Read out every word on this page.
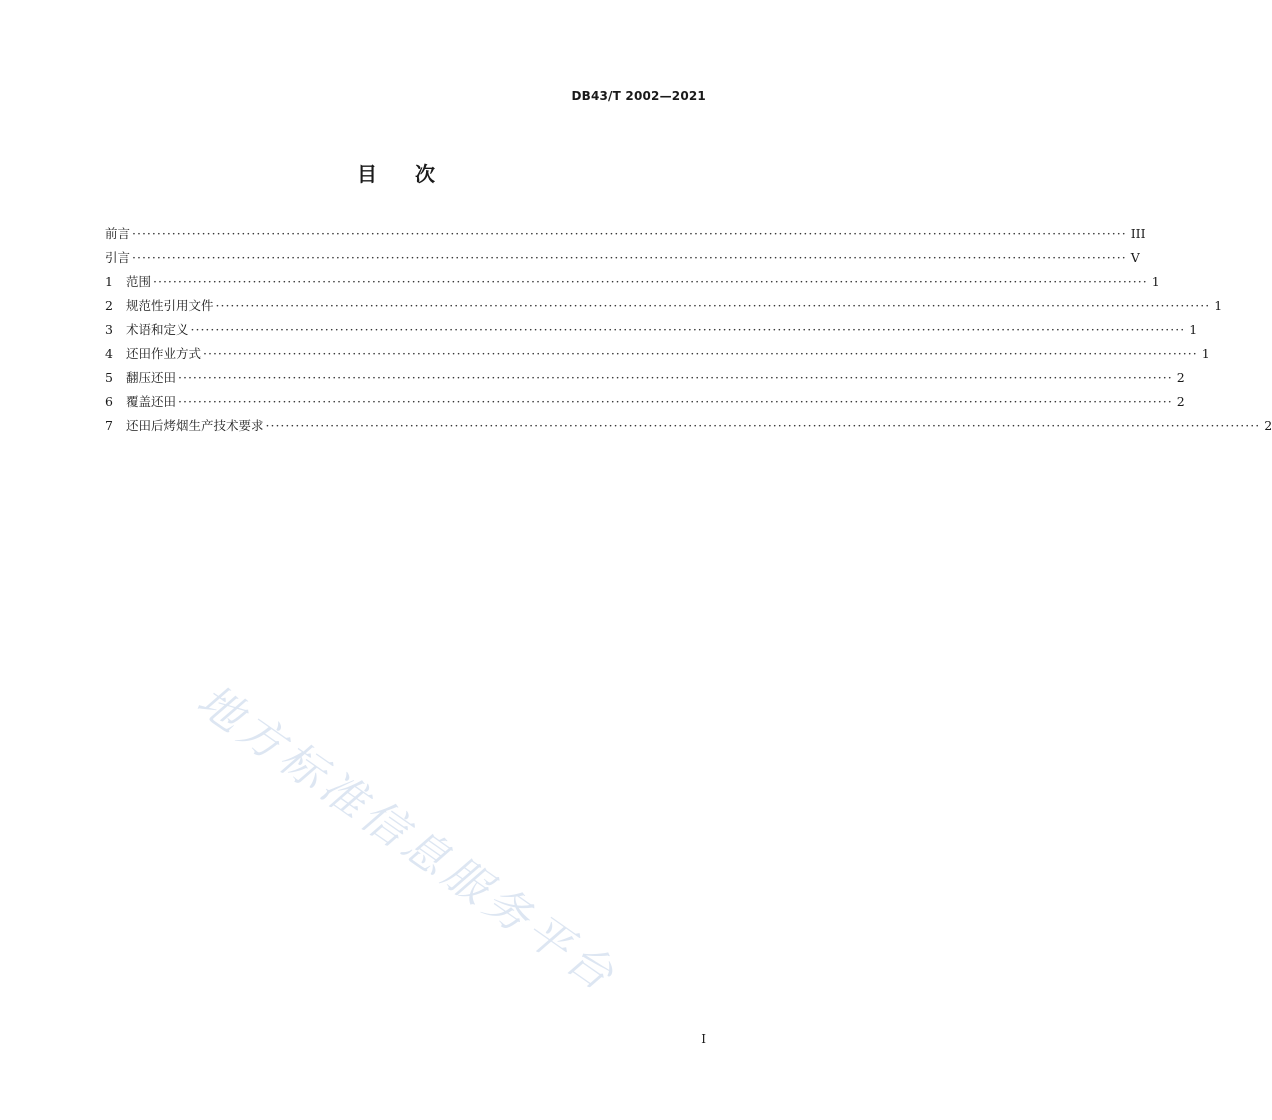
DB43/T 2002—2021
目 次
前言 ········································································································································································································ III
引言 ········································································································································································································ V
1	范围 ········································································································································································································ 1
2	规范性引用文件 ········································································································································································································ 1
3	术语和定义 ········································································································································································································ 1
4	还田作业方式 ········································································································································································································ 1
5	翻压还田 ········································································································································································································ 2
6	覆盖还田 ········································································································································································································ 2
7	还田后烤烟生产技术要求 ········································································································································································································ 2
I
地方标准信息服务平台
